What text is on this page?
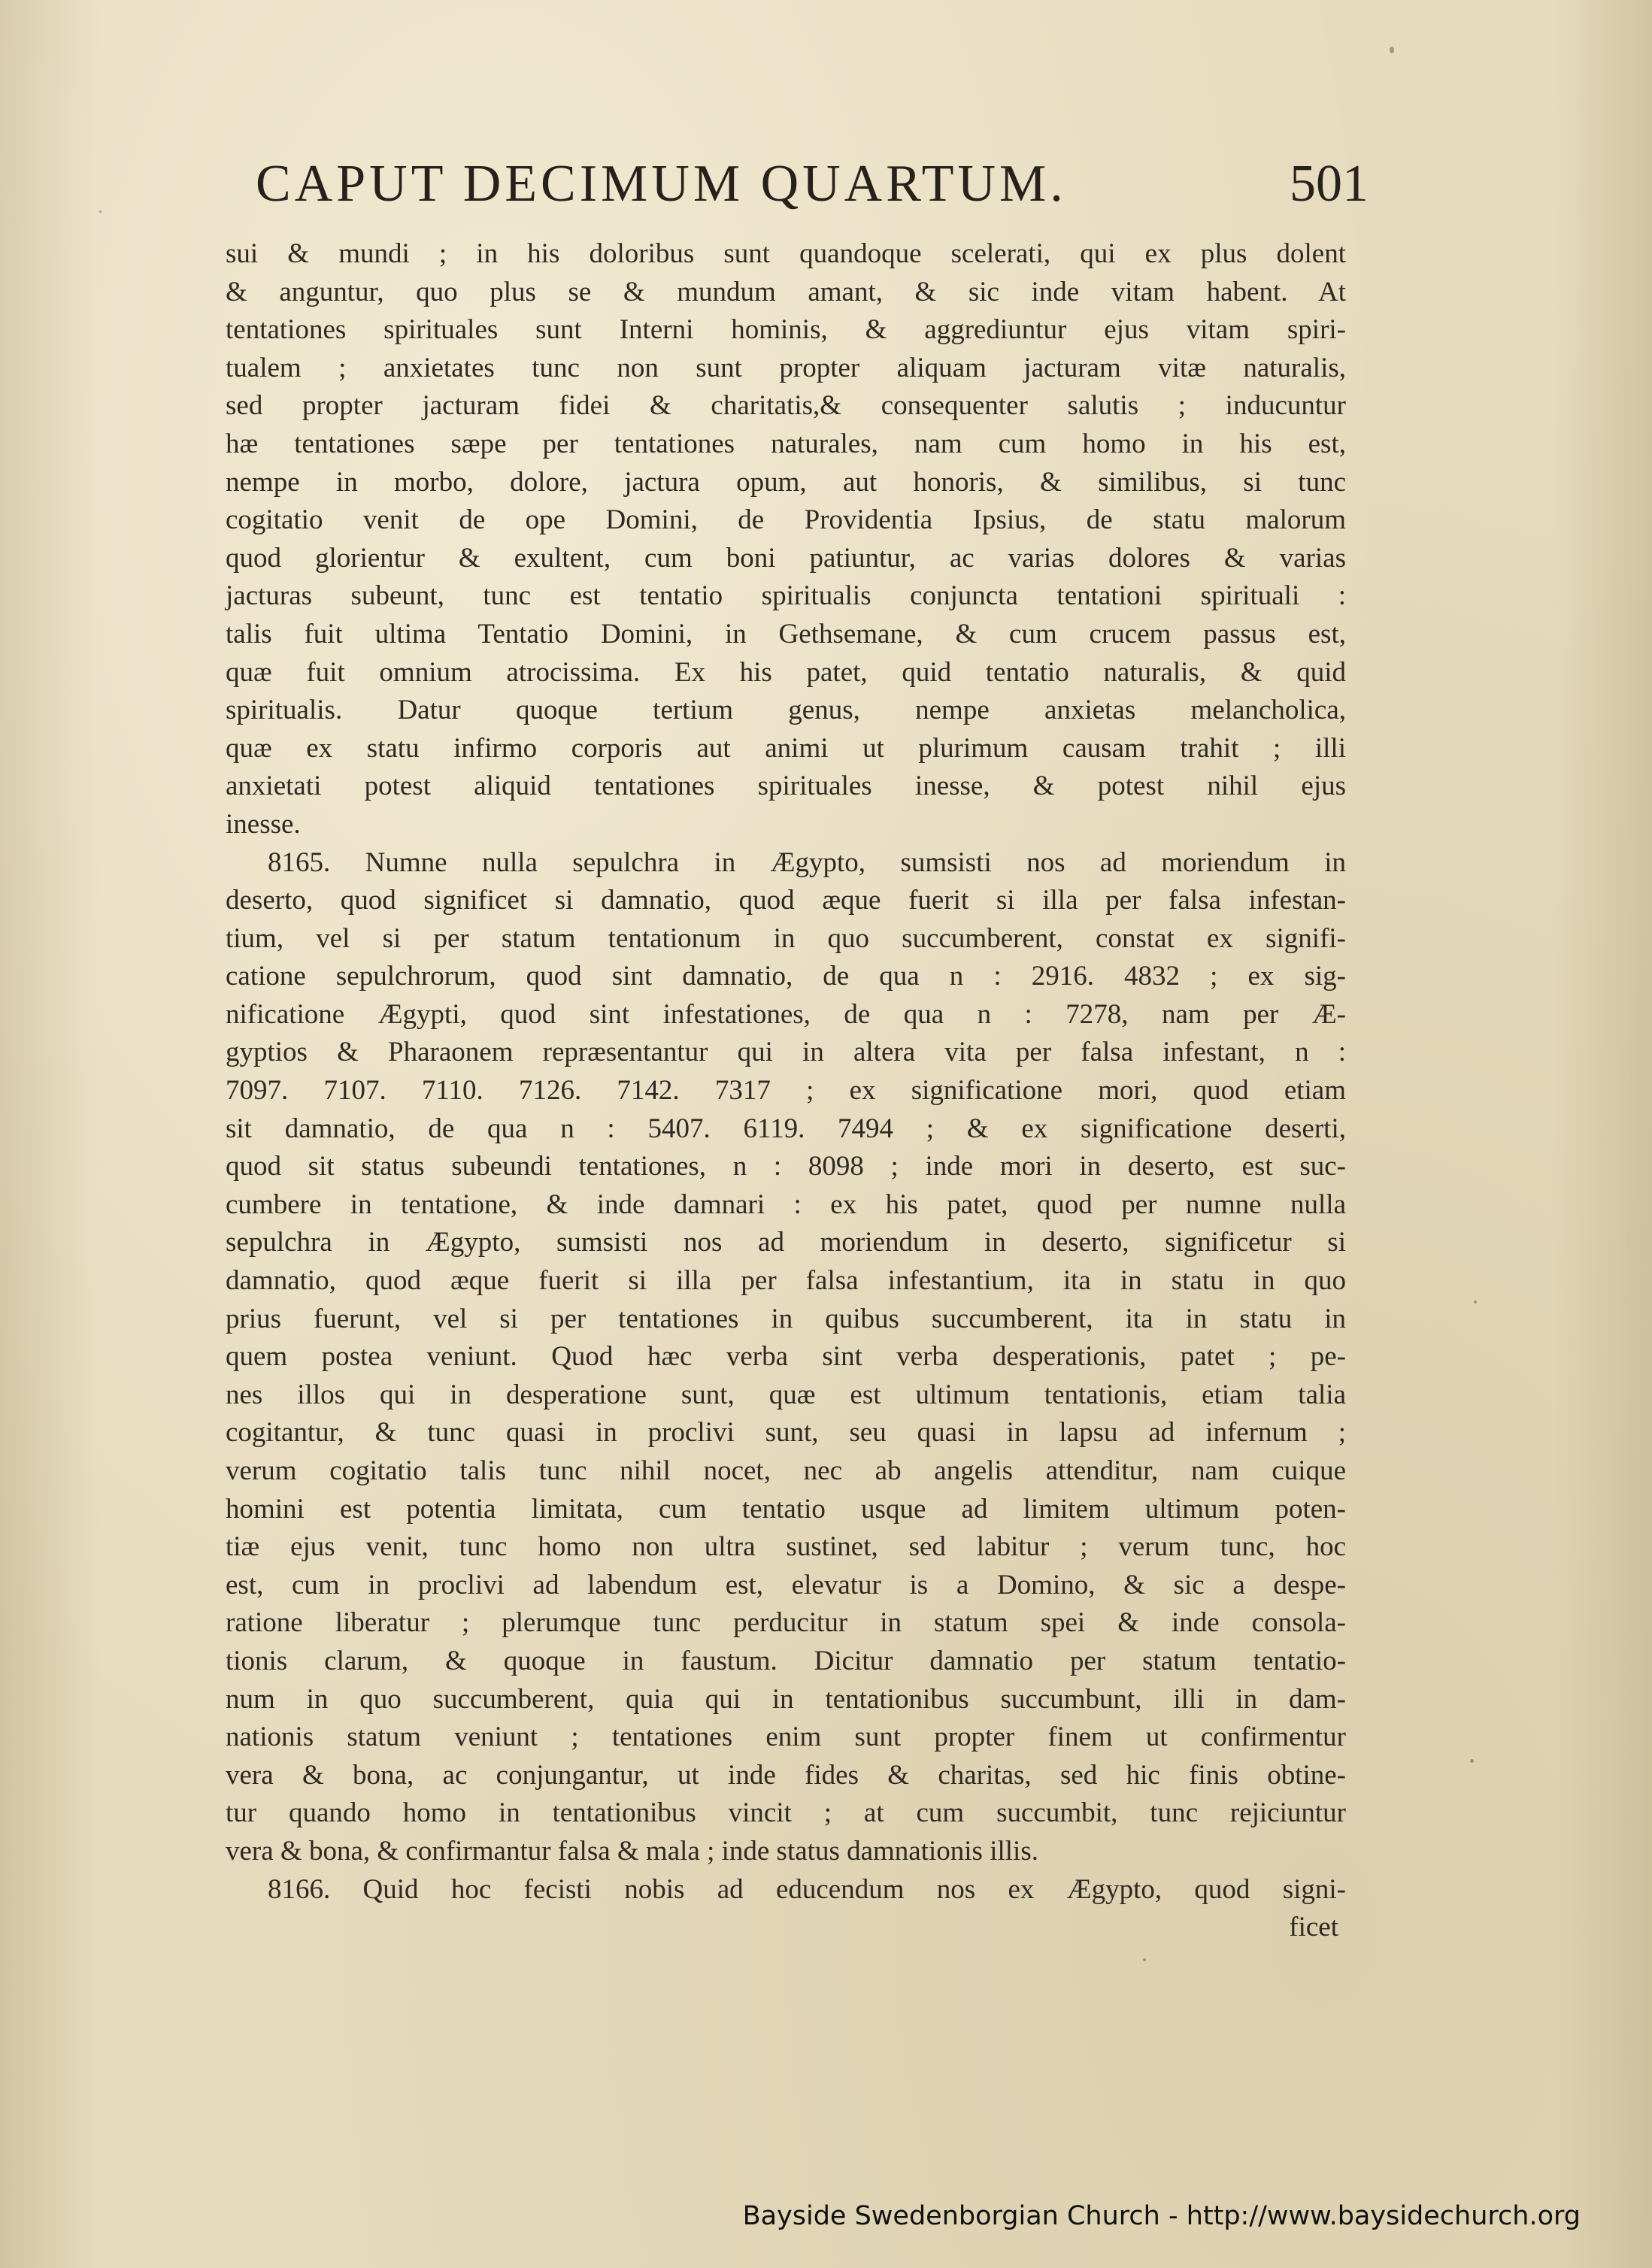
CAPUT DECIMUM QUARTUM.	501
sui & mundi ; in his doloribus sunt quandoque scelerati, qui ex plus dolent
& anguntur, quo plus se & mundum amant, & sic inde vitam habent. At
tentationes spirituales sunt Interni hominis, & aggrediuntur ejus vitam spiri-
tualem ; anxietates tunc non sunt propter aliquam jacturam vitæ naturalis,
sed propter jacturam fidei & charitatis,& consequenter salutis ; inducuntur
hæ tentationes sæpe per tentationes naturales, nam cum homo in his est,
nempe in morbo, dolore, jactura opum, aut honoris, & similibus, si tunc
cogitatio venit de ope Domini, de Providentia Ipsius, de statu malorum
quod glorientur & exultent, cum boni patiuntur, ac varias dolores & varias
jacturas subeunt, tunc est tentatio spiritualis conjuncta tentationi spirituali :
talis fuit ultima Tentatio Domini, in Gethsemane, & cum crucem passus est,
quæ fuit omnium atrocissima. Ex his patet, quid tentatio naturalis, & quid
spiritualis. Datur quoque tertium genus, nempe anxietas melancholica,
quæ ex statu infirmo corporis aut animi ut plurimum causam trahit ; illi
anxietati potest aliquid tentationes spirituales inesse, & potest nihil ejus
inesse.
8165. Numne nulla sepulchra in Ægypto, sumsisti nos ad moriendum in
deserto, quod significet si damnatio, quod æque fuerit si illa per falsa infestan-
tium, vel si per statum tentationum in quo succumberent, constat ex signifi-
catione sepulchrorum, quod sint damnatio, de qua n : 2916. 4832 ; ex sig-
nificatione Ægypti, quod sint infestationes, de qua n : 7278, nam per Æ-
gyptios & Pharaonem repræsentantur qui in altera vita per falsa infestant, n :
7097. 7107. 7110. 7126. 7142. 7317 ; ex significatione mori, quod etiam
sit damnatio, de qua n : 5407. 6119. 7494 ; & ex significatione deserti,
quod sit status subeundi tentationes, n : 8098 ; inde mori in deserto, est suc-
cumbere in tentatione, & inde damnari : ex his patet, quod per numne nulla
sepulchra in Ægypto, sumsisti nos ad moriendum in deserto, significetur si
damnatio, quod æque fuerit si illa per falsa infestantium, ita in statu in quo
prius fuerunt, vel si per tentationes in quibus succumberent, ita in statu in
quem postea veniunt. Quod hæc verba sint verba desperationis, patet ; pe-
nes illos qui in desperatione sunt, quæ est ultimum tentationis, etiam talia
cogitantur, & tunc quasi in proclivi sunt, seu quasi in lapsu ad infernum ;
verum cogitatio talis tunc nihil nocet, nec ab angelis attenditur, nam cuique
homini est potentia limitata, cum tentatio usque ad limitem ultimum poten-
tiæ ejus venit, tunc homo non ultra sustinet, sed labitur ; verum tunc, hoc
est, cum in proclivi ad labendum est, elevatur is a Domino, & sic a despe-
ratione liberatur ; plerumque tunc perducitur in statum spei & inde consola-
tionis clarum, & quoque in faustum. Dicitur damnatio per statum tentatio-
num in quo succumberent, quia qui in tentationibus succumbunt, illi in dam-
nationis statum veniunt ; tentationes enim sunt propter finem ut confirmentur
vera & bona, ac conjungantur, ut inde fides & charitas, sed hic finis obtine-
tur quando homo in tentationibus vincit ; at cum succumbit, tunc rejiciuntur
vera & bona, & confirmantur falsa & mala ; inde status damnationis illis.
8166. Quid hoc fecisti nobis ad educendum nos ex Ægypto, quod signi-
ficet
Bayside Swedenborgian Church - http://www.baysidechurch.org
